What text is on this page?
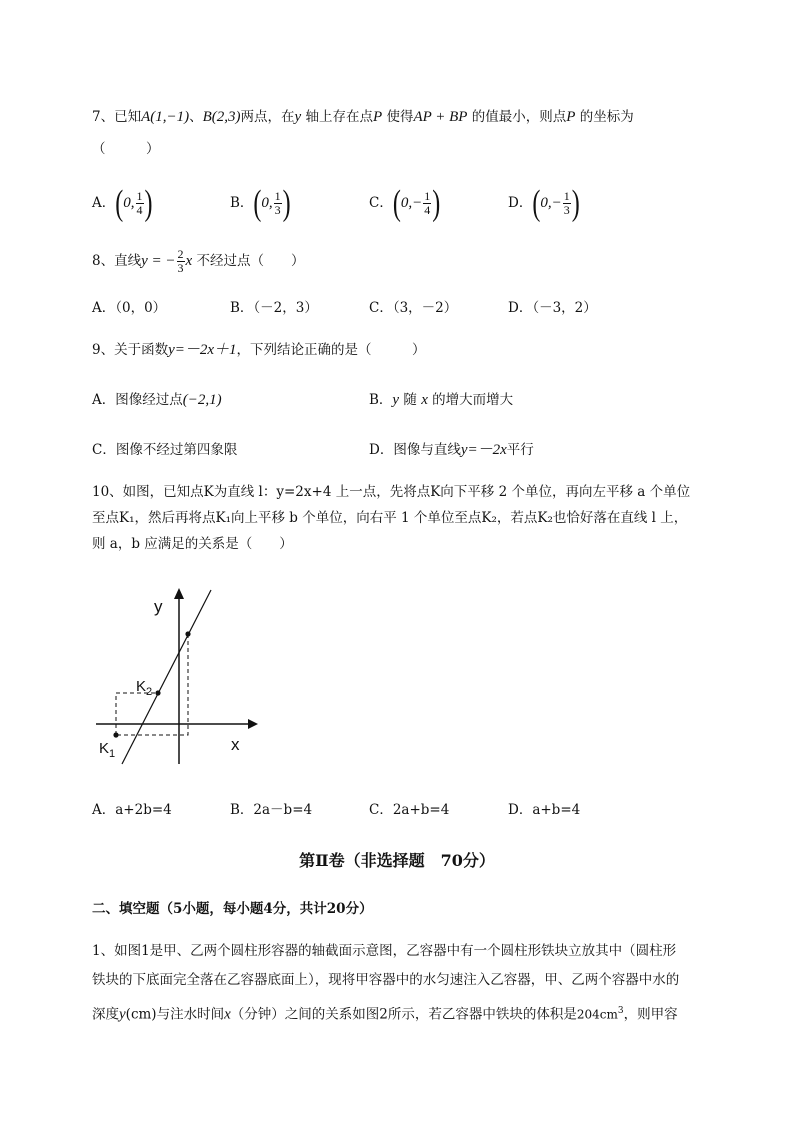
7、已知A(1,−1)、B(2,3)两点，在y 轴上存在点P 使得AP + BP 的值最小，则点P 的坐标为
（　　　）
A．(0, $\frac{1}{4}$ )	B．(0, $\frac{1}{3}$ )	C．($0,- \frac{1}{4}$ )	D．($0,- \frac{1}{3}$ )
8、直线y = − $\frac{2}{3}$ x 不经过点（　　）
A．（0，0）	B．（－2，3）	C．（3，－2）	D．（－3，2）
9、关于函数y=－2x＋1，下列结论正确的是（　　　）
A．图像经过点(−2,1)	B．y 随 x 的增大而增大
C．图像不经过第四象限	D．图像与直线y=－2x平行
10、如图，已知点K为直线 l：y=2x+4 上一点，先将点K向下平移 2 个单位，再向左平移 a 个单位
至点K₁，然后再将点K₁向上平移 b 个单位，向右平 1 个单位至点K₂，若点K₂也恰好落在直线 l 上，
则 a，b 应满足的关系是（　　）
y
x
$K_2$
$K_1$
A．a+2b=4	B．2a－b=4	C．2a+b=4	D．a+b=4
第Ⅱ卷（非选择题　70分）
二、填空题（5小题，每小题4分，共计20分）
1、如图1是甲、乙两个圆柱形容器的轴截面示意图，乙容器中有一个圆柱形铁块立放其中（圆柱形
铁块的下底面完全落在乙容器底面上），现将甲容器中的水匀速注入乙容器，甲、乙两个容器中水的
深度y(cm)与注水时间x（分钟）之间的关系如图2所示，若乙容器中铁块的体积是$204cm^3$，则甲容
